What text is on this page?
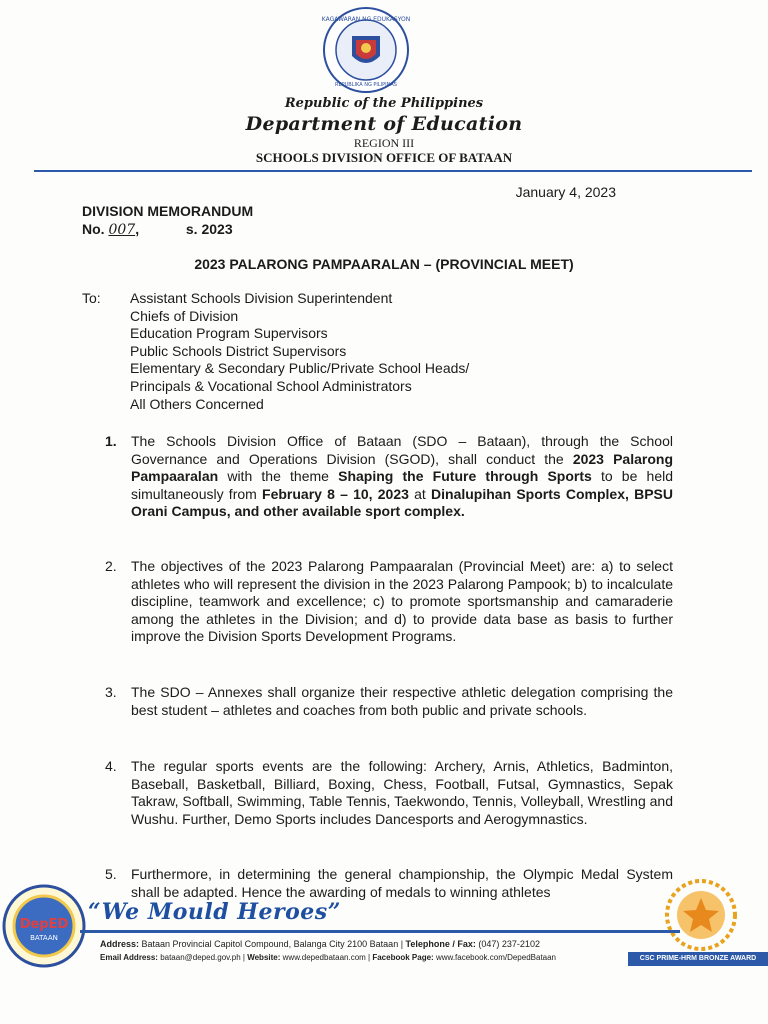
KAGAWARAN NG EDUKASYON
REPUBLIKA NG PILIPINAS
Republic of the Philippines
Department of Education
REGION III
SCHOOLS DIVISION OFFICE OF BATAAN
January 4, 2023
DIVISION MEMORANDUM
No. 007,	s. 2023
2023 PALARONG PAMPAARALAN – (PROVINCIAL MEET)
To: Assistant Schools Division Superintendent
Chiefs of Division
Education Program Supervisors
Public Schools District Supervisors
Elementary & Secondary Public/Private School Heads/
Principals & Vocational School Administrators
All Others Concerned
1. The Schools Division Office of Bataan (SDO – Bataan), through the School Governance and Operations Division (SGOD), shall conduct the 2023 Palarong Pampaaralan with the theme Shaping the Future through Sports to be held simultaneously from February 8 – 10, 2023 at Dinalupihan Sports Complex, BPSU Orani Campus, and other available sport complex.
2. The objectives of the 2023 Palarong Pampaaralan (Provincial Meet) are: a) to select athletes who will represent the division in the 2023 Palarong Pampook; b) to incalculate discipline, teamwork and excellence; c) to promote sportsmanship and camaraderie among the athletes in the Division; and d) to provide data base as basis to further improve the Division Sports Development Programs.
3. The SDO – Annexes shall organize their respective athletic delegation comprising the best student – athletes and coaches from both public and private schools.
4. The regular sports events are the following: Archery, Arnis, Athletics, Badminton, Baseball, Basketball, Billiard, Boxing, Chess, Football, Futsal, Gymnastics, Sepak Takraw, Softball, Swimming, Table Tennis, Taekwondo, Tennis, Volleyball, Wrestling and Wushu. Further, Demo Sports includes Dancesports and Aerogymnastics.
5. Furthermore, in determining the general championship, the Olympic Medal System shall be adapted. Hence the awarding of medals to winning athletes
DepED
BATAAN
“We Mould Heroes”
CSC PRIME-HRM BRONZE AWARD
Address: Bataan Provincial Capitol Compound, Balanga City 2100 Bataan | Telephone / Fax: (047) 237-2102
Email Address: bataan@deped.gov.ph | Website: www.depedbataan.com | Facebook Page: www.facebook.com/DepedBataan
